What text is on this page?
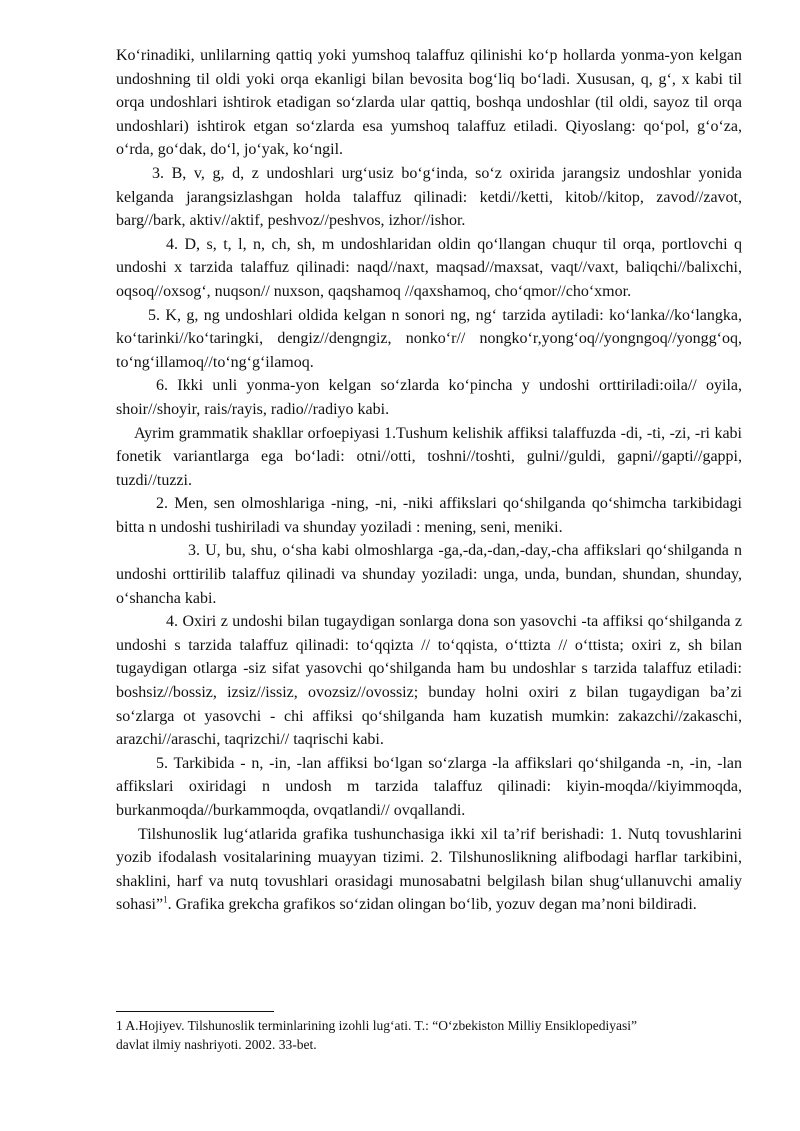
Ko‘rinadiki, unlilarning qattiq yoki yumshoq talaffuz qilinishi ko‘p hollarda yonma-yon kelgan undoshning til oldi yoki orqa ekanligi bilan bevosita bog‘liq bo‘ladi. Xususan, q, g‘, x kabi til orqa undoshlari ishtirok etadigan so‘zlarda ular qattiq, boshqa undoshlar (til oldi, sayoz til orqa undoshlari) ishtirok etgan so‘zlarda esa yumshoq talaffuz etiladi. Qiyoslang: qo‘pol, g‘o‘za, o‘rda, go‘dak, do‘l, jo‘yak, ko‘ngil.

3. B, v, g, d, z undoshlari urg‘usiz bo‘g‘inda, so‘z oxirida jarangsiz undoshlar yonida kelganda jarangsizlashgan holda talaffuz qilinadi: ketdi//ketti, kitob//kitop, zavod//zavot, barg//bark, aktiv//aktif, peshvoz//peshvos, izhor//ishor.

4. D, s, t, l, n, ch, sh, m undoshlaridan oldin qo‘llangan chuqur til orqa, portlovchi q undoshi x tarzida talaffuz qilinadi: naqd//naxt, maqsad//maxsat, vaqt//vaxt, baliqchi//balixchi, oqsoq//oxsog‘, nuqson// nuxson, qaqshamoq //qaxshamoq, cho‘qmor//cho‘xmor.

5. K, g, ng undoshlari oldida kelgan n sonori ng, ng‘ tarzida aytiladi: ko‘lanka//ko‘langka, ko‘tarinki//ko‘taringki, dengiz//dengngiz, nonko‘r// nongko‘r,yong‘oq//yongngoq//yongg‘oq, to‘ng‘illamoq//to‘ng‘g‘ilamoq.

6. Ikki unli yonma-yon kelgan so‘zlarda ko‘pincha y undoshi orttiriladi:oila// oyila, shoir//shoyir, rais/rayis, radio//radiyo kabi.

Ayrim grammatik shakllar orfoepiyasi 1.Tushum kelishik affiksi talaffuzda -di, -ti, -zi, -ri kabi fonetik variantlarga ega bo‘ladi: otni//otti, toshni//toshti, gulni//guldi, gapni//gapti//gappi, tuzdi//tuzzi.

2. Men, sen olmoshlariga -ning, -ni, -niki affikslari qo‘shilganda qo‘shimcha tarkibidagi bitta n undoshi tushiriladi va shunday yoziladi : mening, seni, meniki.

3. U, bu, shu, o‘sha kabi olmoshlarga -ga,-da,-dan,-day,-cha affikslari qo‘shilganda n undoshi orttirilib talaffuz qilinadi va shunday yoziladi: unga, unda, bundan, shundan, shunday, o‘shancha kabi.

4. Oxiri z undoshi bilan tugaydigan sonlarga dona son yasovchi -ta affiksi qo‘shilganda z undoshi s tarzida talaffuz qilinadi: to‘qqizta // to‘qqista, o‘ttizta // o‘ttista; oxiri z, sh bilan tugaydigan otlarga -siz sifat yasovchi qo‘shilganda ham bu undoshlar s tarzida talaffuz etiladi: boshsiz//bossiz, izsiz//issiz, ovozsiz//ovossiz; bunday holni oxiri z bilan tugaydigan ba’zi so‘zlarga ot yasovchi - chi affiksi qo‘shilganda ham kuzatish mumkin: zakazchi//zakaschi, arazchi//araschi, taqrizchi// taqrischi kabi.

5. Tarkibida - n, -in, -lan affiksi bo‘lgan so‘zlarga -la affikslari qo‘shilganda -n, -in, -lan affikslari oxiridagi n undosh m tarzida talaffuz qilinadi: kiyin-moqda//kiyimmoqda, burkanmoqda//burkammoqda, ovqatlandi// ovqallandi.

Tilshunoslik lug‘atlarida grafika tushunchasiga ikki xil ta’rif berishadi: 1. Nutq tovushlarini yozib ifodalash vositalarining muayyan tizimi. 2. Tilshunoslikning alifbodagi harflar tarkibini, shaklini, harf va nutq tovushlari orasidagi munosabatni belgilash bilan shug‘ullanuvchi amaliy sohasi”$^1$. Grafika grekcha grafikos so‘zidan olingan bo‘lib, yozuv degan ma’noni bildiradi.

1 A.Hojiyev. Tilshunoslik terminlarining izohli lug‘ati. T.: “O‘zbekiston Milliy Ensiklopediyasi” davlat ilmiy nashriyoti. 2002. 33-bet.
